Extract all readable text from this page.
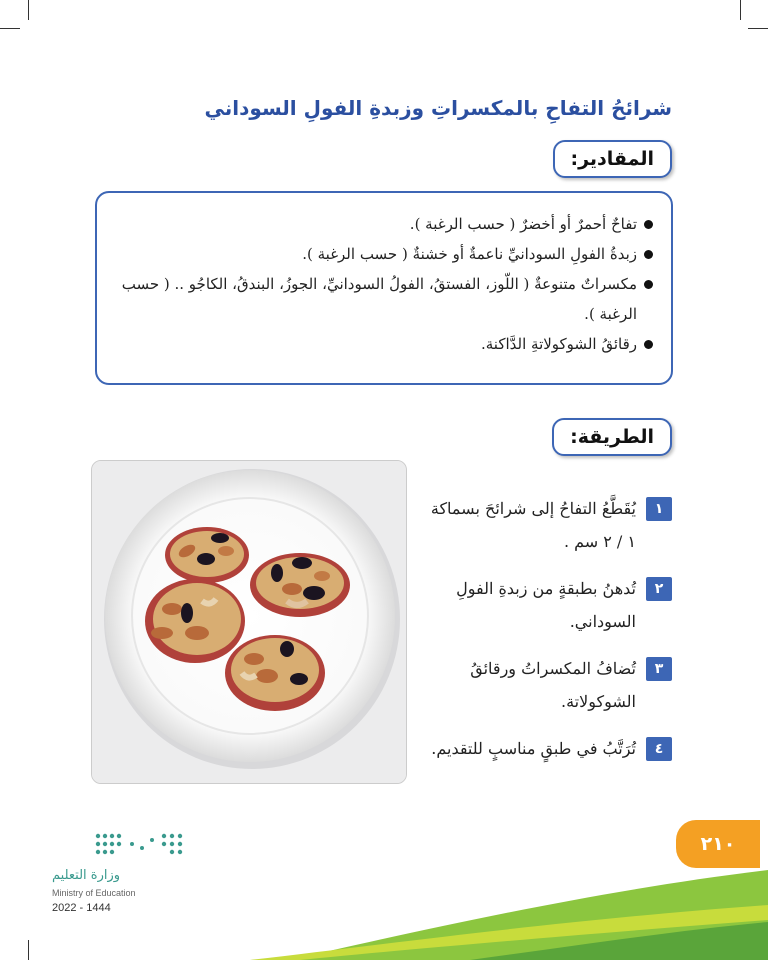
شرائحُ التفاحِ بالمكسراتِ وزبدةِ الفولِ السوداني
المقادير:
تفاحٌ أحمرٌ أو أخضرٌ ( حسب الرغبة ).
زبدةُ الفولِ السودانيِّ ناعمةٌ أو خشنةٌ ( حسب الرغبة ).
مكسراتٌ متنوعةٌ ( اللّوز، الفستقُ، الفولُ السودانيِّ، الجوزُ، البندقُ، الكاجُو .. ( حسب الرغبة ).
رقائقُ الشوكولاتةِ الدَّاكنة.
الطريقة:
١
يُقَطَّعُ التفاحُ إلى شرائحَ بسماكة ١ / ٢ سم .
٢
تُدهنُ بطبقةٍ من زبدةِ الفولِ السوداني.
٣
تُضافُ المكسراتُ ورقائقُ الشوكولاتة.
٤
تُرَتَّبُ في طبقٍ مناسبٍ للتقديم.
٢١٠
وزارة التعليم
Ministry of Education
2022 - 1444
